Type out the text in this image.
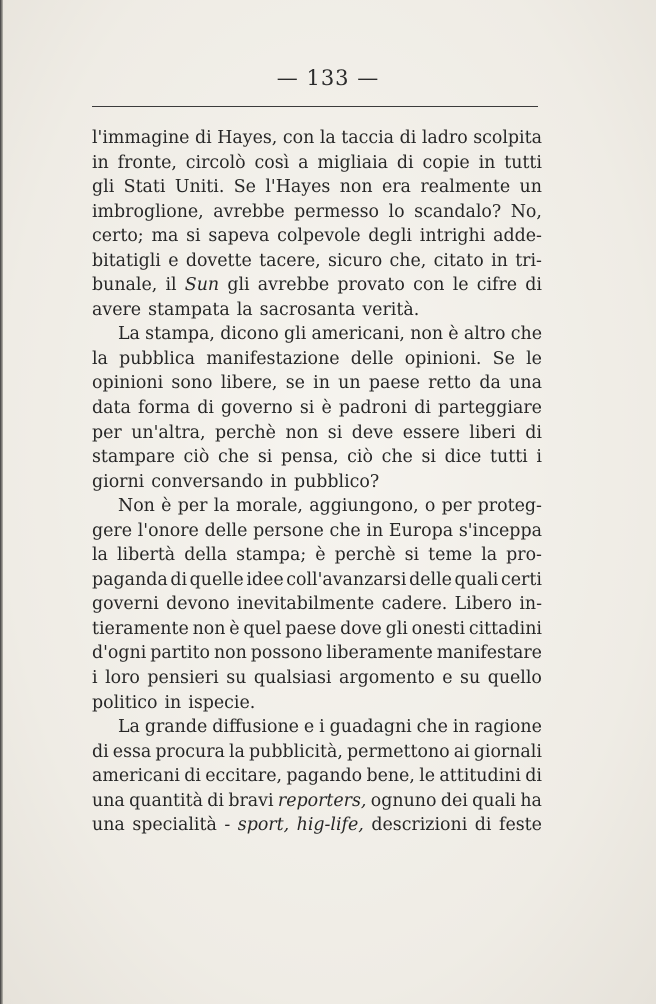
— 133 —
l'immagine di Hayes, con la taccia di ladro scolpita
in fronte, circolò così a migliaia di copie in tutti
gli Stati Uniti. Se l'Hayes non era realmente un
imbroglione, avrebbe permesso lo scandalo? No,
certo; ma si sapeva colpevole degli intrighi adde-
bitatigli e dovette tacere, sicuro che, citato in tri-
bunale, il Sun gli avrebbe provato con le cifre di
avere stampata la sacrosanta verità.
La stampa, dicono gli americani, non è altro che
la pubblica manifestazione delle opinioni. Se le
opinioni sono libere, se in un paese retto da una
data forma di governo si è padroni di parteggiare
per un'altra, perchè non si deve essere liberi di
stampare ciò che si pensa, ciò che si dice tutti i
giorni conversando in pubblico?
Non è per la morale, aggiungono, o per proteg-
gere l'onore delle persone che in Europa s'inceppa
la libertà della stampa; è perchè si teme la pro-
paganda di quelle idee coll'avanzarsi delle quali certi
governi devono inevitabilmente cadere. Libero in-
tieramente non è quel paese dove gli onesti cittadini
d'ogni partito non possono liberamente manifestare
i loro pensieri su qualsiasi argomento e su quello
politico in ispecie.
La grande diffusione e i guadagni che in ragione
di essa procura la pubblicità, permettono ai giornali
americani di eccitare, pagando bene, le attitudini di
una quantità di bravi reporters, ognuno dei quali ha
una specialità - sport, hig-life, descrizioni di feste
